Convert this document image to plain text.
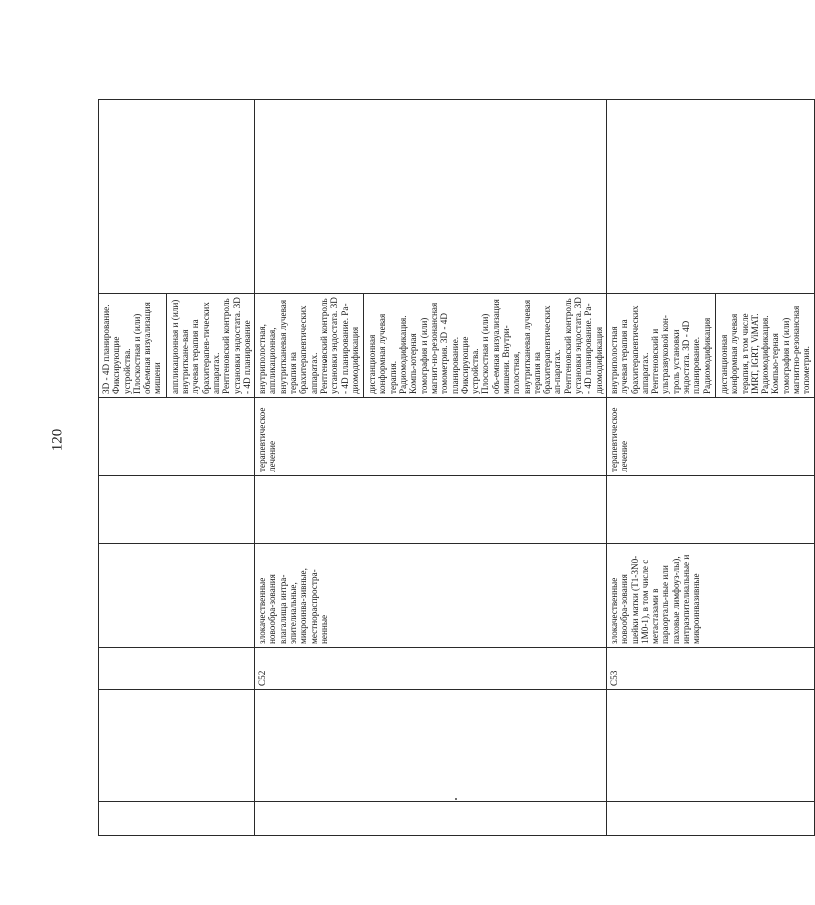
120

						3D - 4D планирование. Фиксирующие устройства. Плоскостная и (или) объемная визуализация мишени аппликационная и (или) внутриткане-вая лучевая терапия на брахитерапев-тических аппаратах. Рентгеновский контроль установки эндостата. 3D - 4D планирование	

		C52	злокачественные новообра-зования влагалища интра-эпителиальные, микроинва-зивные, местнораспростра-ненные		терапевтическое лечение	внутриполостная, аппликационная, внутритканевая лучевая терапия на брахитерапевтических аппаратах. Рентгеновский контроль установки эндостата. 3D - 4D планирование. Ра-диомодификация дистанционная конформная лучевая терапия. Радиомодификация. Компь-ютерная томография и (или) магнит-но-резонансная томометрия. 3D - 4D планирование. Фиксирующие устройства. Плоскостная и (или) объ-емная визуализация мишени. Внутри-полостная, внутритканевая лучевая терапия на брахитерапевтических ап-паратах. Рентгеновский контроль установки эндостата. 3D - 4D планирование. Ра-диомодификация	

		C53	злокачественные новообра-зования шейки матки (T1-3N0-1M0-1), в том числе с метастазами в параорталь-ные или паховые лимфоуз-лы), интраэпителиальные и микроинвазивные		терапевтическое лечение	внутриполостная лучевая терапия на брахитерапевтических аппаратах. Рентгеновский и ультразвуковой кон-троль установки эндостата. 3D - 4D планирование. Радиомодификация дистанционная конформная лучевая терапия, в том числе IMRT, IGRT, ViMAT. Радиомодификация. Компью-терная томография и (или) магнитно-резонансная топометрия.	
